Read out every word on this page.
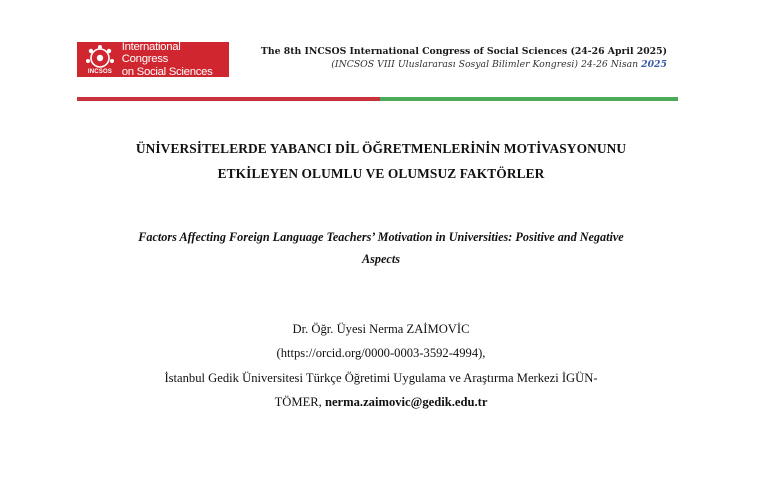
INCSOS
International Congress
on Social Sciences
The 8th INCSOS International Congress of Social Sciences (24-26 April 2025)
(INCSOS VIII Uluslararası Sosyal Bilimler Kongresi) 24-26 Nisan 2025
ÜNİVERSİTELERDE YABANCI DİL ÖĞRETMENLERİNİN MOTİVASYONUNU
ETKİLEYEN OLUMLU VE OLUMSUZ FAKTÖRLER
Factors Affecting Foreign Language Teachers’ Motivation in Universities: Positive and Negative
Aspects
Dr. Öğr. Üyesi Nerma ZAİMOVİC
(https://orcid.org/0000-0003-3592-4994),
İstanbul Gedik Üniversitesi Türkçe Öğretimi Uygulama ve Araştırma Merkezi İGÜN-
TÖMER, nerma.zaimovic@gedik.edu.tr
